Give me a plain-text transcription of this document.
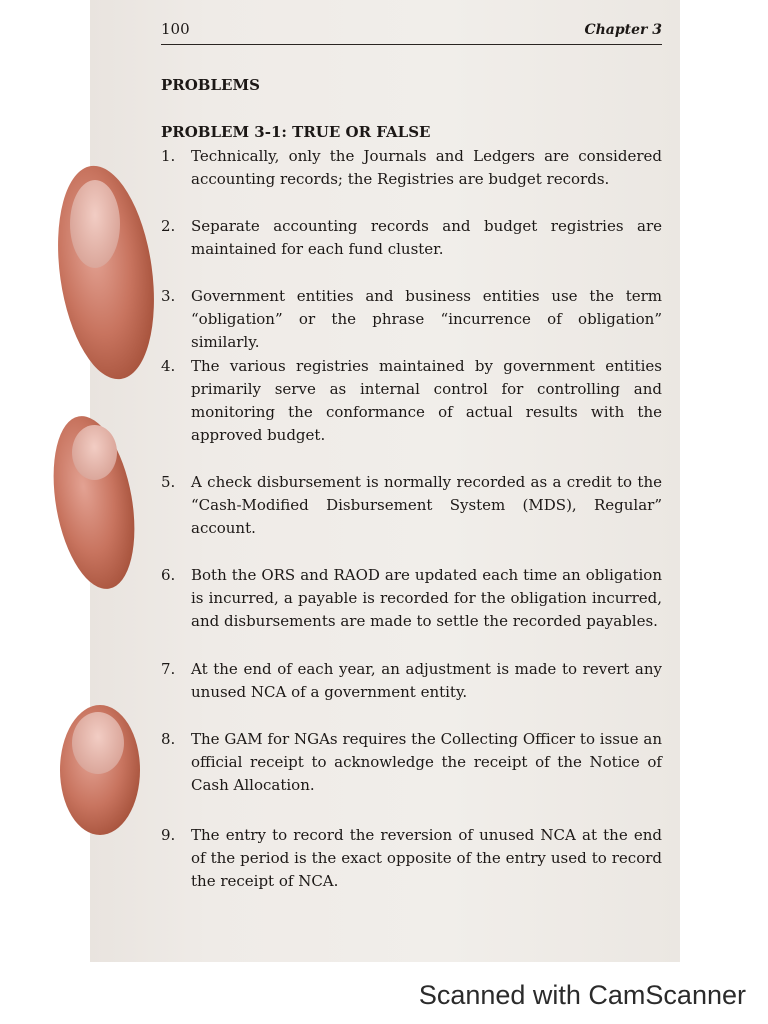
100	Chapter 3
PROBLEMS
PROBLEM 3-1: TRUE OR FALSE
1. Technically, only the Journals and Ledgers are considered accounting records; the Registries are budget records.
2. Separate accounting records and budget registries are maintained for each fund cluster.
3. Government entities and business entities use the term “obligation” or the phrase “incurrence of obligation” similarly.
4. The various registries maintained by government entities primarily serve as internal control for controlling and monitoring the conformance of actual results with the approved budget.
5. A check disbursement is normally recorded as a credit to the “Cash-Modified Disbursement System (MDS), Regular” account.
6. Both the ORS and RAOD are updated each time an obligation is incurred, a payable is recorded for the obligation incurred, and disbursements are made to settle the recorded payables.
7. At the end of each year, an adjustment is made to revert any unused NCA of a government entity.
8. The GAM for NGAs requires the Collecting Officer to issue an official receipt to acknowledge the receipt of the Notice of Cash Allocation.
9. The entry to record the reversion of unused NCA at the end of the period is the exact opposite of the entry used to record the receipt of NCA.
Scanned with CamScanner
